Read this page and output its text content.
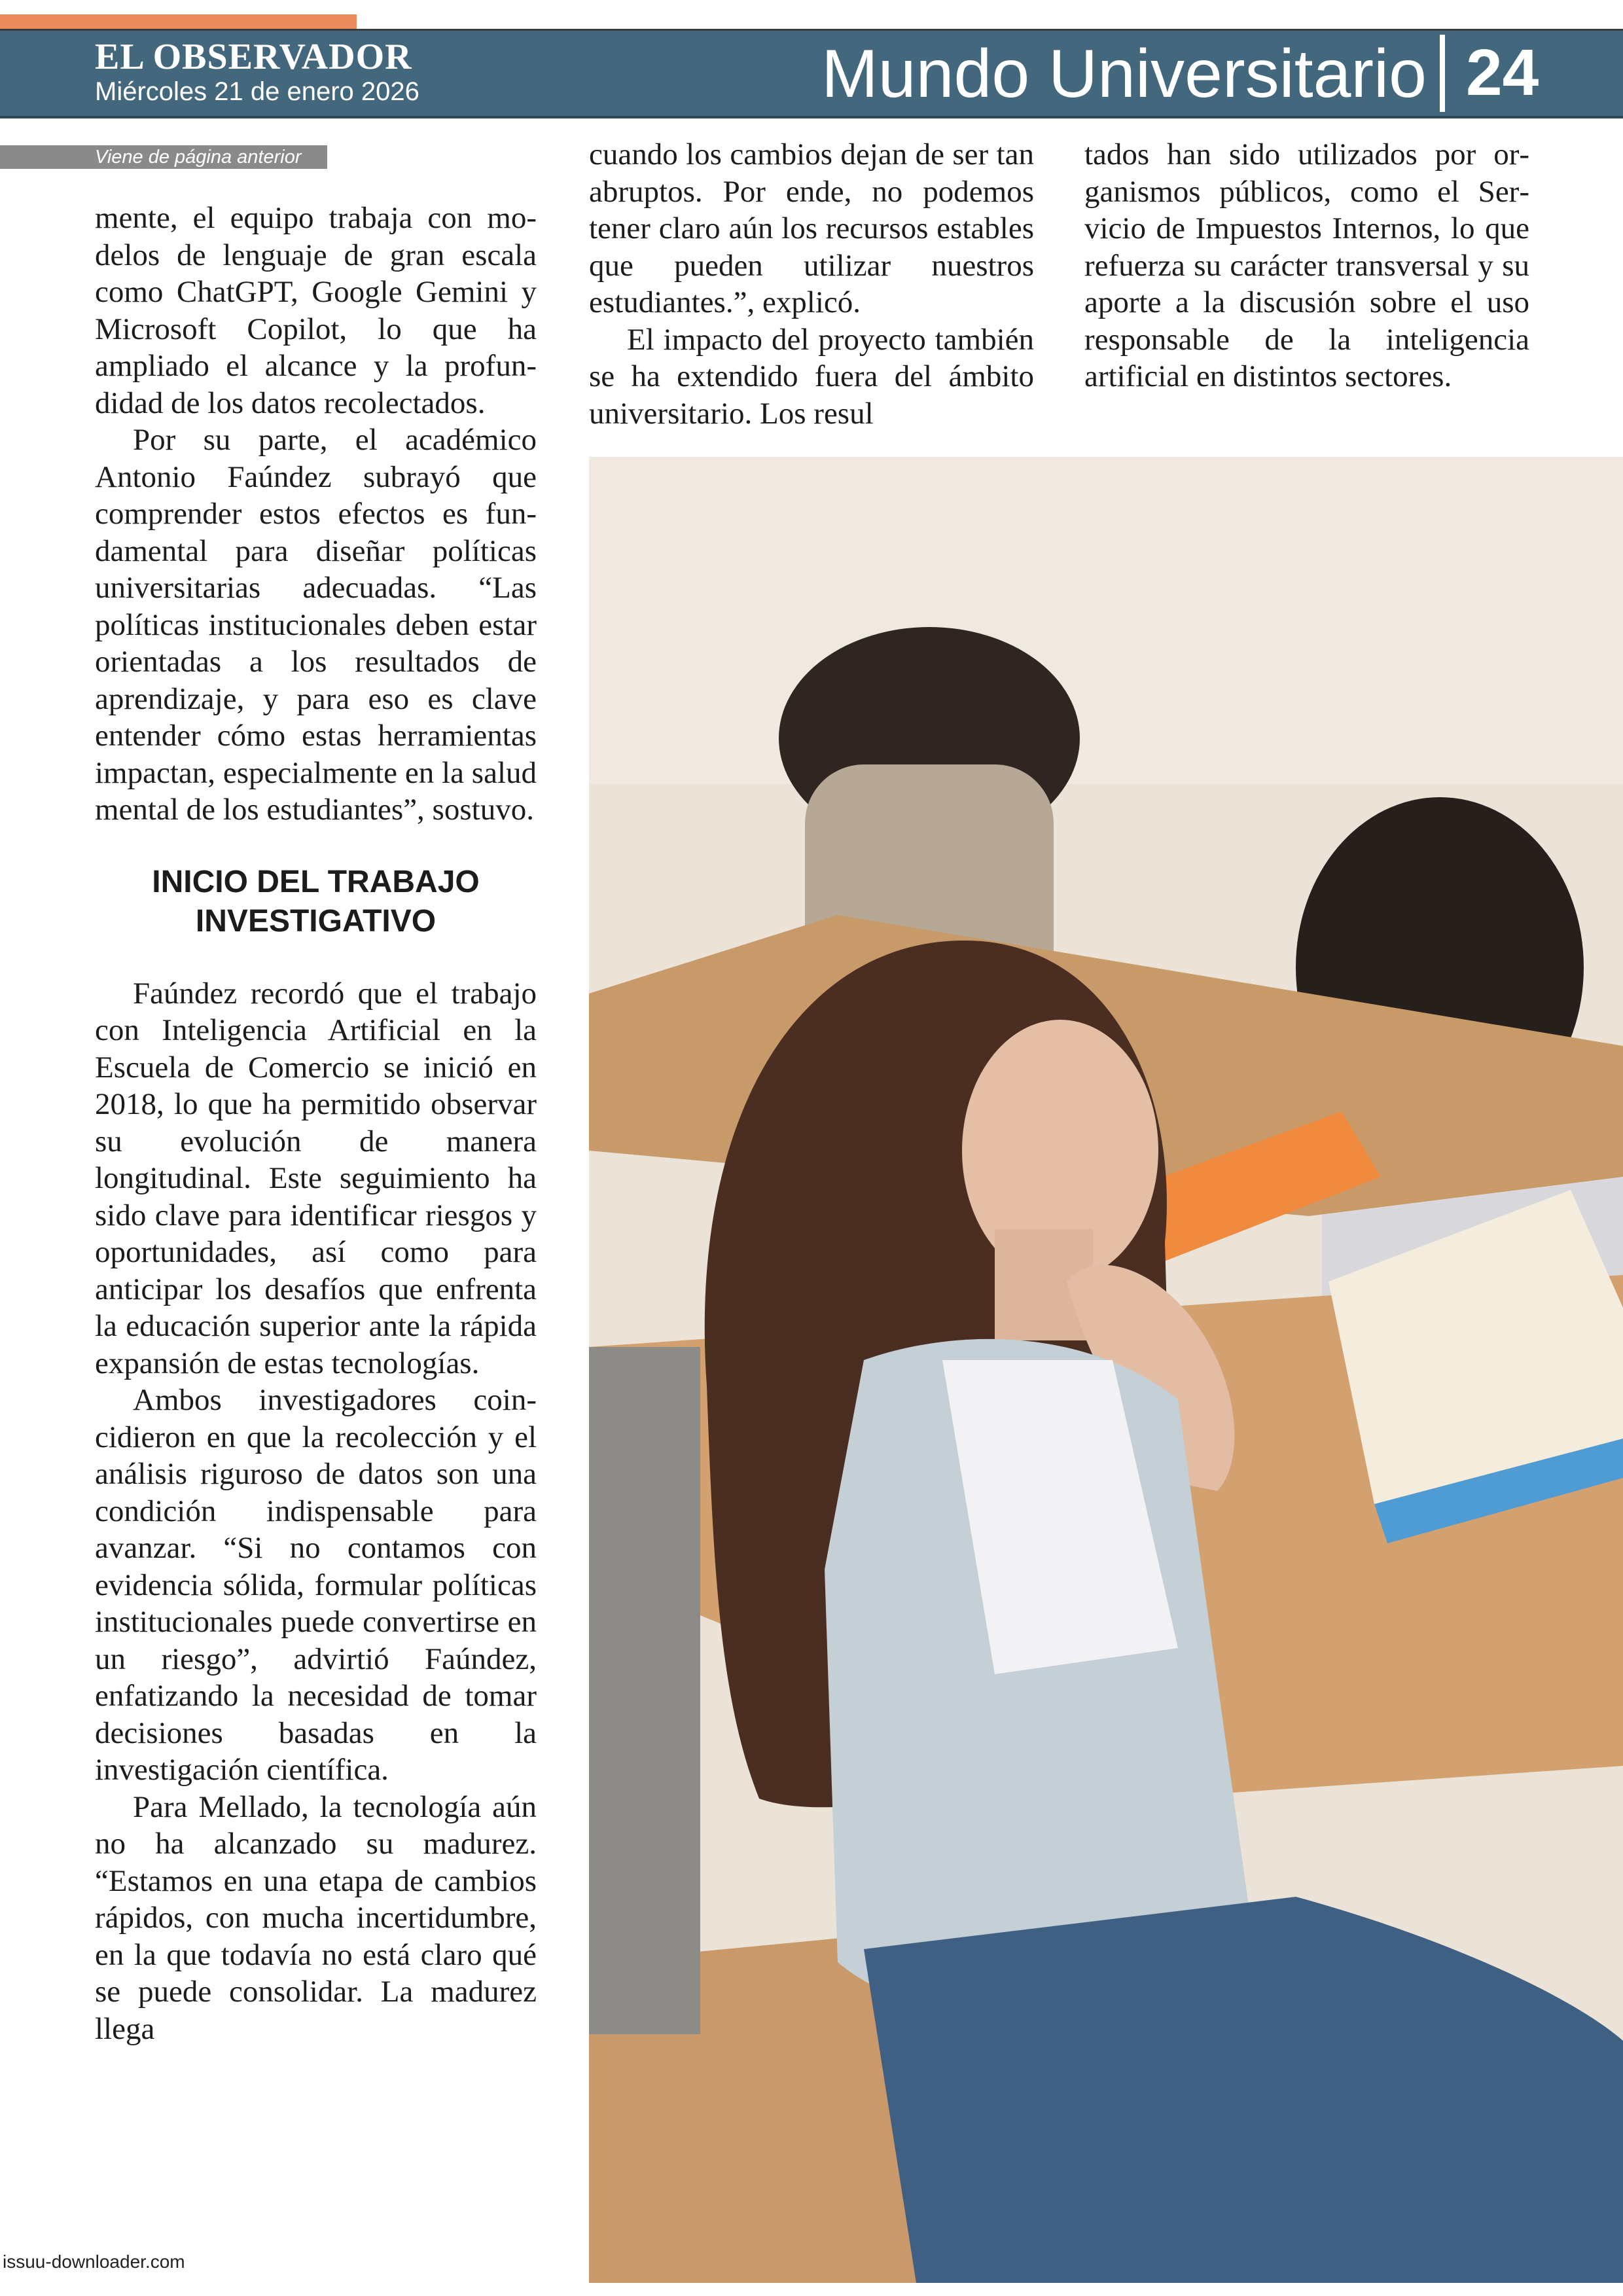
EL OBSERVADOR
Miércoles 21 de enero 2026	Mundo Universitario 24
Viene de página anterior

mente, el equipo trabaja con modelos de lenguaje de gran escala como ChatGPT, Google Gemini y Microsoft Copilot, lo que ha ampliado el alcance y la profundidad de los datos recolectados.

Por su parte, el académico Antonio Faúndez subrayó que comprender estos efectos es fundamental para diseñar políticas universitarias adecuadas. “Las políticas institucionales deben estar orientadas a los resultados de aprendizaje, y para eso es clave entender cómo estas herramientas impactan, especialmente en la salud mental de los estudiantes”, sostuvo.

INICIO DEL TRABAJO INVESTIGATIVO

Faúndez recordó que el trabajo con Inteligencia Artificial en la Escuela de Comercio se inició en 2018, lo que ha permitido observar su evolución de manera longitudinal. Este seguimiento ha sido clave para identificar riesgos y oportunidades, así como para anticipar los desafíos que enfrenta la educación superior ante la rápida expansión de estas tecnologías.

Ambos investigadores coincidieron en que la recolección y el análisis riguroso de datos son una condición indispensable para avanzar. “Si no contamos con evidencia sólida, formular políticas institucionales puede convertirse en un riesgo”, advirtió Faúndez, enfatizando la necesidad de tomar decisiones basadas en la investigación científica.

Para Mellado, la tecnología aún no ha alcanzado su madurez. “Estamos en una etapa de cambios rápidos, con mucha incertidumbre, en la que todavía no está claro qué se puede consolidar. La madurez llega

cuando los cambios dejan de ser tan abruptos. Por ende, no podemos tener claro aún los recursos estables que pueden utilizar nuestros estudiantes.”, explicó.

El impacto del proyecto también se ha extendido fuera del ámbito universitario. Los resul

tados han sido utilizados por organismos públicos, como el Servicio de Impuestos Internos, lo que refuerza su carácter transversal y su aporte a la discusión sobre el uso responsable de la inteligencia artificial en distintos sectores.

issuu-downloader.com
